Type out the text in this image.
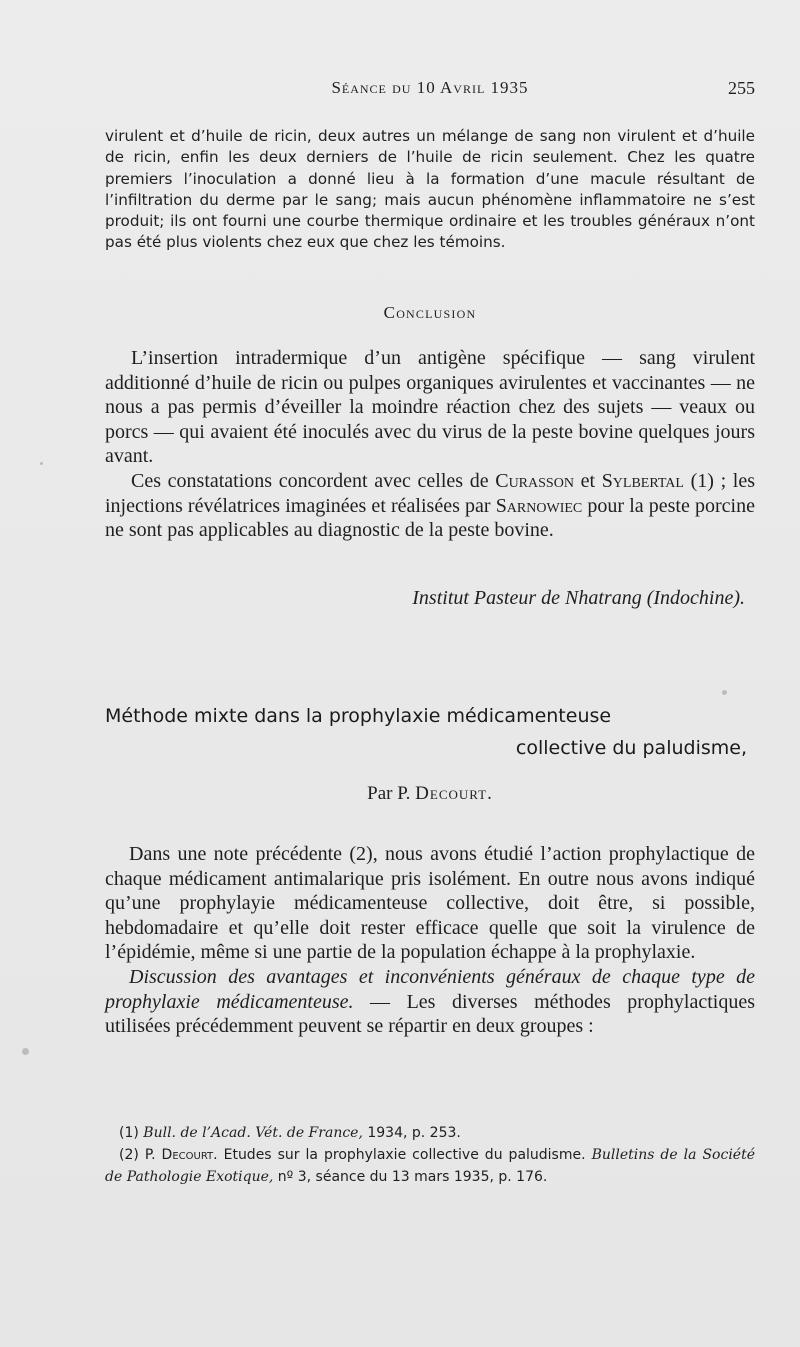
Séance du 10 Avril 1935	255

virulent et d’huile de ricin, deux autres un mélange de sang non virulent et d’huile de ricin, enfin les deux derniers de l’huile de ricin seulement. Chez les quatre premiers l’inoculation a donné lieu à la formation d’une macule résultant de l’infiltration du derme par le sang; mais aucun phénomène inflammatoire ne s’est produit; ils ont fourni une courbe thermique ordinaire et les troubles généraux n’ont pas été plus violents chez eux que chez les témoins.

Conclusion

L’insertion intradermique d’un antigène spécifique — sang virulent additionné d’huile de ricin ou pulpes organiques avirulentes et vaccinantes — ne nous a pas permis d’éveiller la moindre réaction chez des sujets — veaux ou porcs — qui avaient été inoculés avec du virus de la peste bovine quelques jours avant.

Ces constatations concordent avec celles de Curasson et Sylbertal (1) ; les injections révélatrices imaginées et réalisées par Sarnowiec pour la peste porcine ne sont pas applicables au diagnostic de la peste bovine.

Institut Pasteur de Nhatrang (Indochine).
Méthode mixte dans la prophylaxie médicamenteuse
collective du paludisme,
Par P. Decourt.

Dans une note précédente (2), nous avons étudié l’action prophylactique de chaque médicament antimalarique pris isolément. En outre nous avons indiqué qu’une prophylayie médicamenteuse collective, doit être, si possible, hebdomadaire et qu’elle doit rester efficace quelle que soit la virulence de l’épidémie, même si une partie de la population échappe à la prophylaxie.

Discussion des avantages et inconvénients généraux de chaque type de prophylaxie médicamenteuse. — Les diverses méthodes prophylactiques utilisées précédemment peuvent se répartir en deux groupes :

(1) Bull. de l’Acad. Vét. de France, 1934, p. 253.

(2) P. Decourt. Etudes sur la prophylaxie collective du paludisme. Bulletins de la Société de Pathologie Exotique, nº 3, séance du 13 mars 1935, p. 176.
